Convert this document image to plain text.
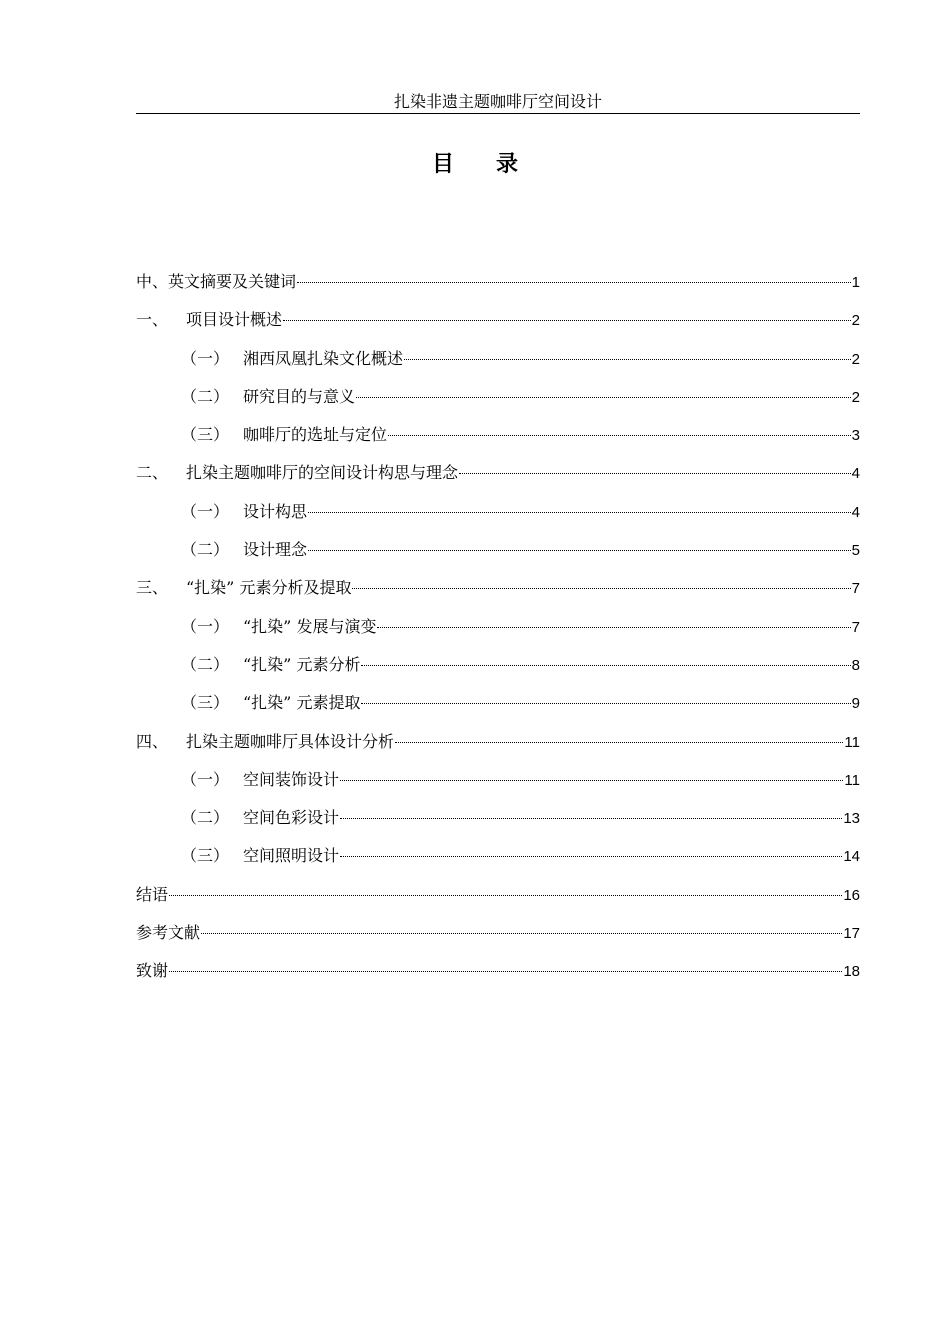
扎染非遗主题咖啡厅空间设计
目 录
中、英文摘要及关键词	1
一、	项目设计概述	2
（一） 湘西凤凰扎染文化概述	2
（二） 研究目的与意义	2
（三） 咖啡厅的选址与定位	3
二、	扎染主题咖啡厅的空间设计构思与理念	4
（一） 设计构思	4
（二） 设计理念	5
三、	“扎染” 元素分析及提取	7
（一） “扎染” 发展与演变	7
（二） “扎染” 元素分析	8
（三） “扎染” 元素提取	9
四、	扎染主题咖啡厅具体设计分析	11
（一） 空间装饰设计	11
（二） 空间色彩设计	13
（三） 空间照明设计	14
结语	16
参考文献	17
致谢	18
